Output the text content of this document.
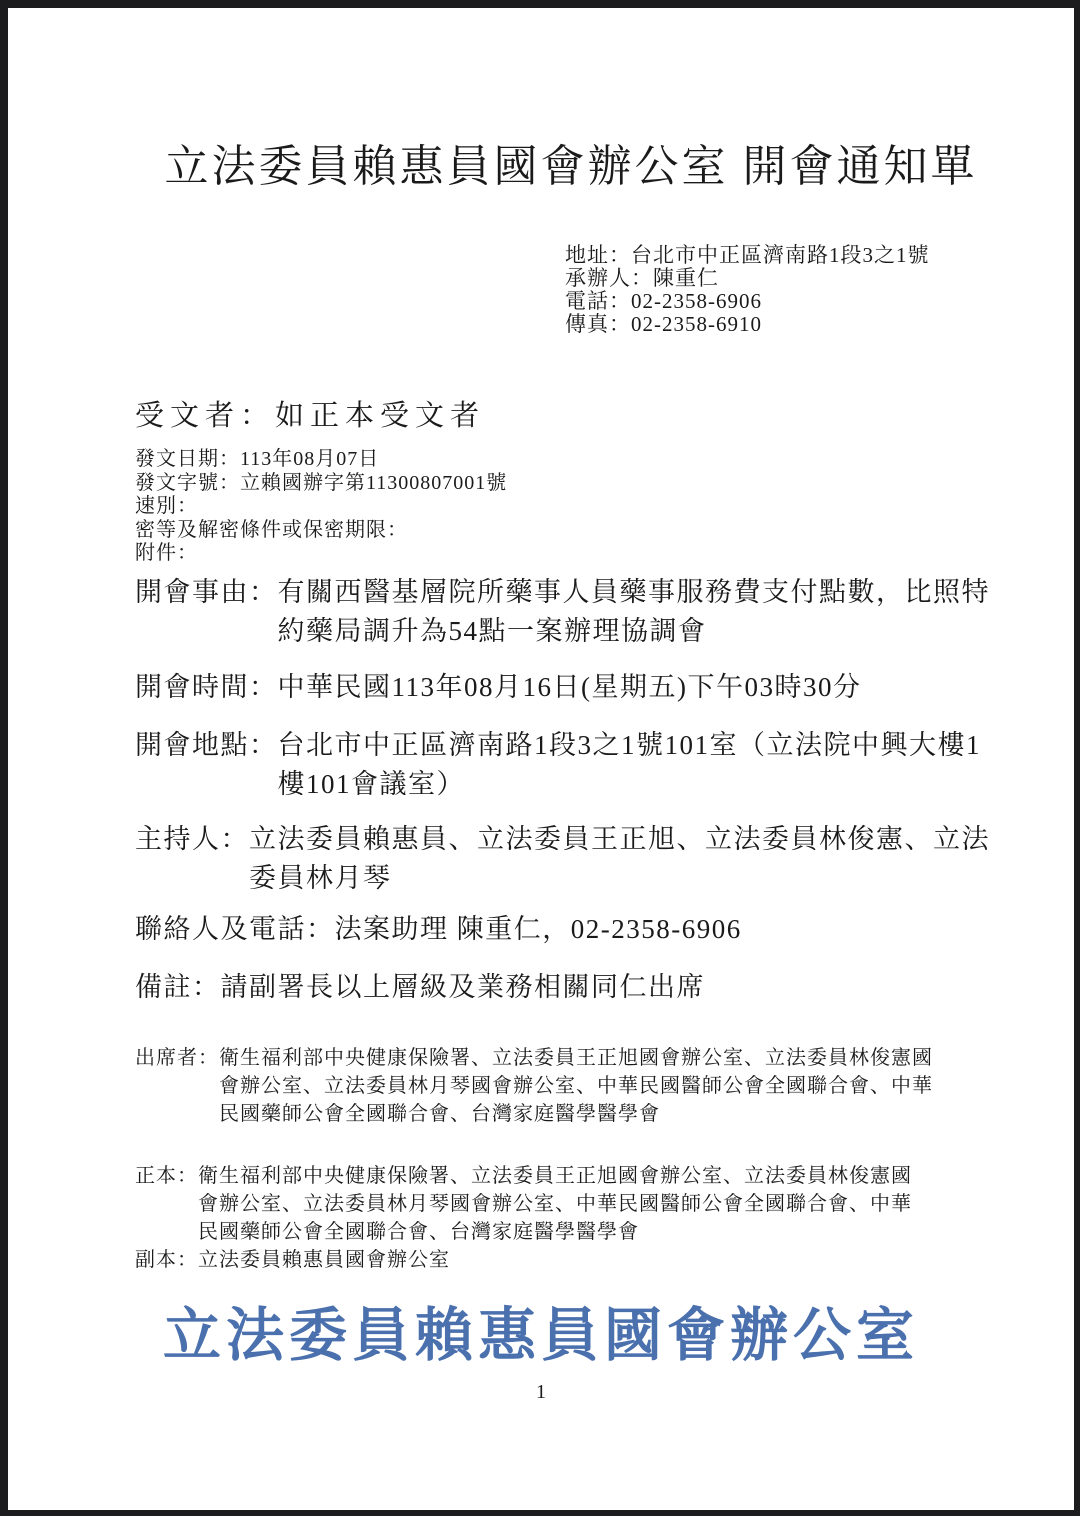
立法委員賴惠員國會辦公室 開會通知單
地址：台北市中正區濟南路1段3之1號
承辦人：陳重仁
電話：02-2358-6906
傳真：02-2358-6910
受文者：如正本受文者
發文日期：113年08月07日
發文字號：立賴國辦字第11300807001號
速別：
密等及解密條件或保密期限：
附件：
開會事由： 有關西醫基層院所藥事人員藥事服務費支付點數，比照特約藥局調升為54點一案辦理協調會
開會時間： 中華民國113年08月16日(星期五)下午03時30分
開會地點： 台北市中正區濟南路1段3之1號101室（立法院中興大樓1樓101會議室）
主持人： 立法委員賴惠員、立法委員王正旭、立法委員林俊憲、立法委員林月琴
聯絡人及電話： 法案助理 陳重仁，02-2358-6906
備註： 請副署長以上層級及業務相關同仁出席
出席者： 衛生福利部中央健康保險署、立法委員王正旭國會辦公室、立法委員林俊憲國會辦公室、立法委員林月琴國會辦公室、中華民國醫師公會全國聯合會、中華民國藥師公會全國聯合會、台灣家庭醫學醫學會
正本： 衛生福利部中央健康保險署、立法委員王正旭國會辦公室、立法委員林俊憲國會辦公室、立法委員林月琴國會辦公室、中華民國醫師公會全國聯合會、中華民國藥師公會全國聯合會、台灣家庭醫學醫學會
副本： 立法委員賴惠員國會辦公室
立法委員賴惠員國會辦公室
1
